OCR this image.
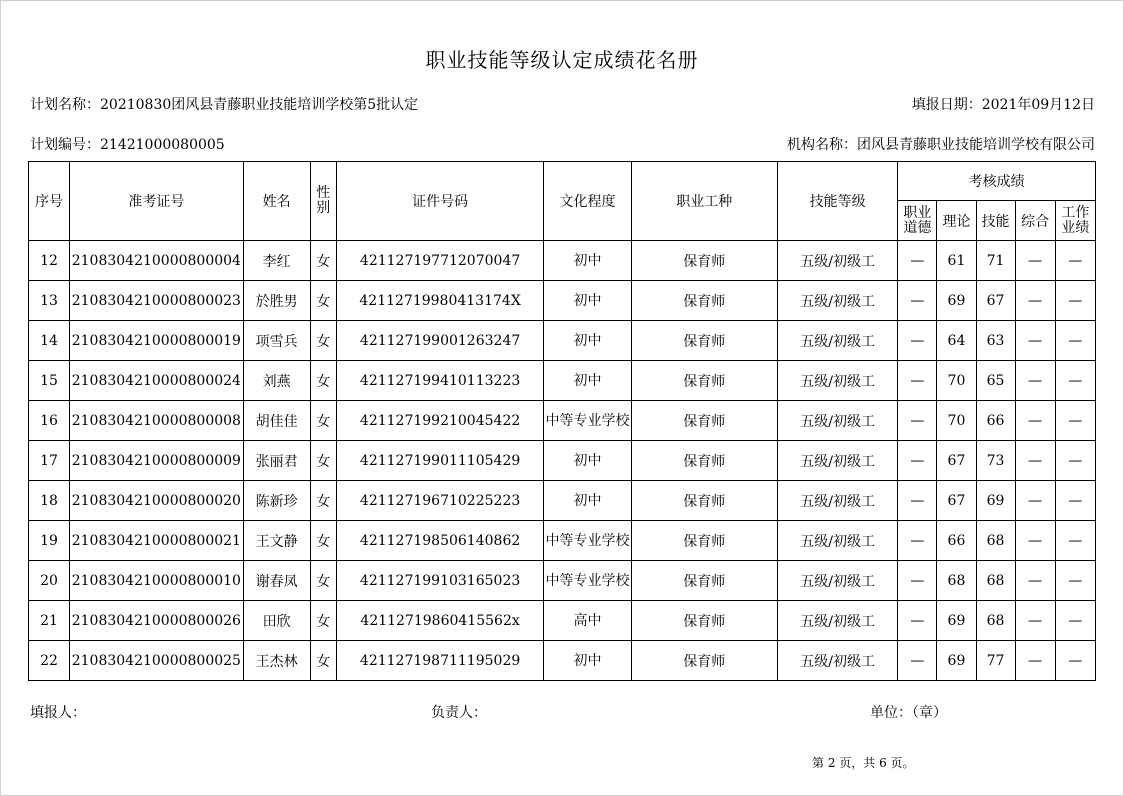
职业技能等级认定成绩花名册
计划名称：20210830团风县青藤职业技能培训学校第5批认定	填报日期：2021年09月12日
计划编号：21421000080005	机构名称：团风县青藤职业技能培训学校有限公司
序号	准考证号	姓名	性别	证件号码	文化程度	职业工种	技能等级	考核成绩				
								职业道德	理论	技能	综合	工作业绩
12	2108304210000800004	李红	女	421127197712070047	初中	保育师	五级/初级工	—	61	71	—	—
13	2108304210000800023	於胜男	女	42112719980413174X	初中	保育师	五级/初级工	—	69	67	—	—
14	2108304210000800019	项雪兵	女	421127199001263247	初中	保育师	五级/初级工	—	64	63	—	—
15	2108304210000800024	刘燕	女	421127199410113223	初中	保育师	五级/初级工	—	70	65	—	—
16	2108304210000800008	胡佳佳	女	421127199210045422	中等专业学校	保育师	五级/初级工	—	70	66	—	—
17	2108304210000800009	张丽君	女	421127199011105429	初中	保育师	五级/初级工	—	67	73	—	—
18	2108304210000800020	陈新珍	女	421127196710225223	初中	保育师	五级/初级工	—	67	69	—	—
19	2108304210000800021	王文静	女	421127198506140862	中等专业学校	保育师	五级/初级工	—	66	68	—	—
20	2108304210000800010	谢春凤	女	421127199103165023	中等专业学校	保育师	五级/初级工	—	68	68	—	—
21	2108304210000800026	田欣	女	42112719860415562x	高中	保育师	五级/初级工	—	69	68	—	—
22	2108304210000800025	王杰林	女	421127198711195029	初中	保育师	五级/初级工	—	69	77	—	—
填报人：	负责人：	单位：（章）
第 2 页，共 6 页。
